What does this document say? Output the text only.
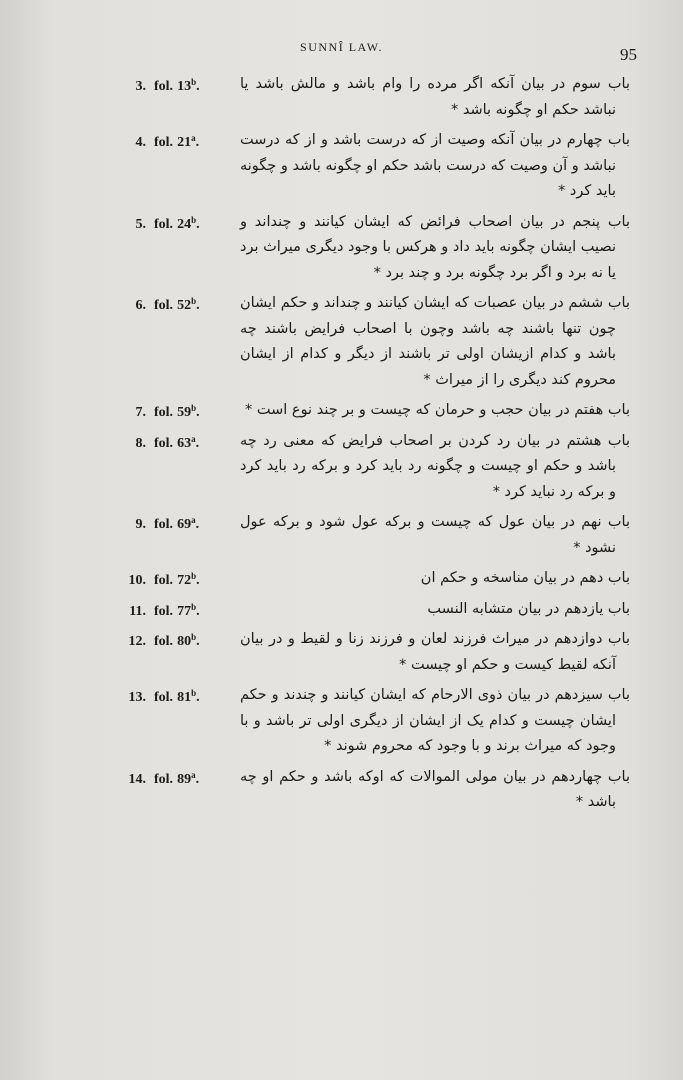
SUNNÎ LAW.	95
3. fol. 13$^b$.	باب سوم در بیان آنکه اگر مرده را وام باشد و مالش باشد یا نباشد حکم او چگونه باشد *
4. fol. 21$^a$.	باب چهارم در بیان آنکه وصیت از که درست باشد و از که درست نباشد و آن وصیت که درست باشد حکم او چگونه باشد و چگونه باید کرد *
5. fol. 24$^b$.	باب پنجم در بیان اصحاب فرائض که ایشان کیانند و چنداند و نصیب ایشان چگونه باید داد و هرکس با وجود دیگری میراث برد یا نه برد و اگر برد چگونه برد و چند برد *
6. fol. 52$^b$.	باب ششم در بیان عصبات که ایشان کیانند و چنداند و حکم ایشان چون تنها باشند چه باشد وچون با اصحاب فرایض باشند چه باشد و کدام ازیشان اولی تر باشند از دیگر و کدام از ایشان محروم کند دیگری را از میراث *
7. fol. 59$^b$.	باب هفتم در بیان حجب و حرمان که چیست و بر چند نوع است *
8. fol. 63$^a$.	باب هشتم در بیان رد کردن بر اصحاب فرایض که معنی رد چه باشد و حکم او چیست و چگونه رد باید کرد و برکه رد باید کرد و برکه رد نباید کرد *
9. fol. 69$^a$.	باب نهم در بیان عول که چیست و برکه عول شود و برکه عول نشود *
10. fol. 72$^b$.	باب دهم در بیان مناسخه و حکم ان
11. fol. 77$^b$.	باب یازدهم در بیان متشابه النسب
12. fol. 80$^b$.	باب دوازدهم در میراث فرزند لعان و فرزند زنا و لقیط و در بیان آنکه لقیط کیست و حکم او چیست *
13. fol. 81$^b$.	باب سیزدهم در بیان ذوی الارحام که ایشان کیانند و چندند و حکم ایشان چیست و کدام یک از ایشان از دیگری اولی تر باشد و با وجود که میراث برند و با وجود که محروم شوند *
14. fol. 89$^a$.	باب چهاردهم در بیان مولی الموالات که اوکه باشد و حکم او چه باشد *
